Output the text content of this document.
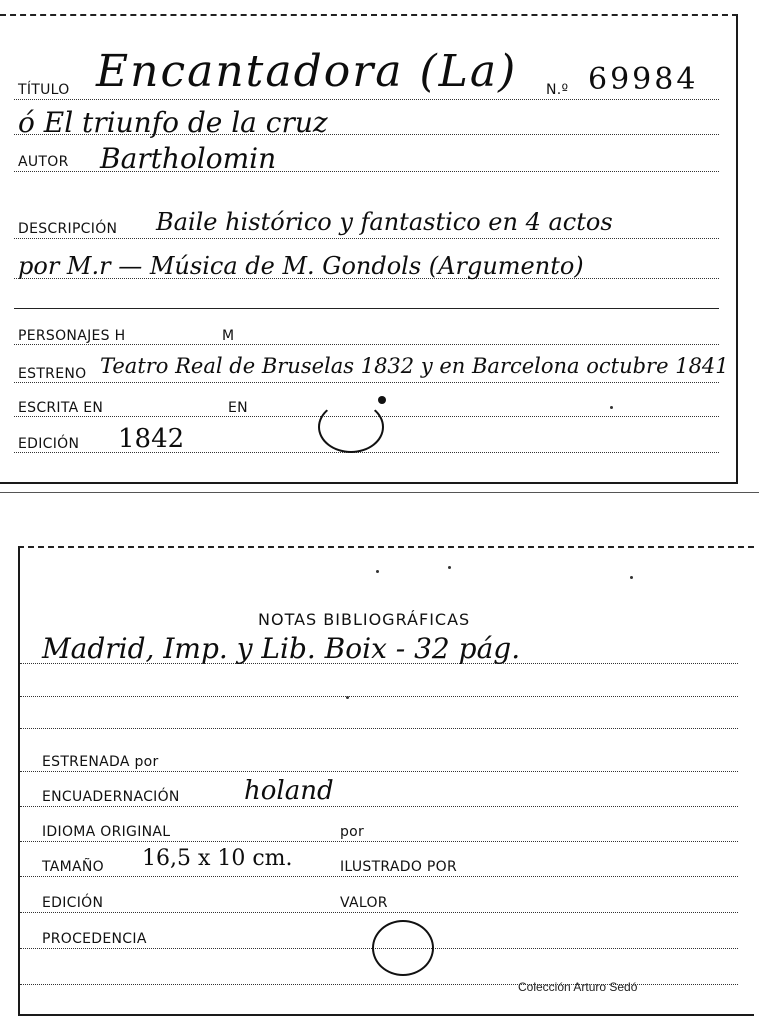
TÍTULO Encantadora (La) N.º 69984
ó El triunfo de la cruz
AUTOR Bartholomin
DESCRIPCIÓN Baile histórico y fantastico en 4 actos
por M.r — Música de M. Gondols (Argumento)
PERSONAJES H	M
ESTRENO Teatro Real de Bruselas 1832 y en Barcelona octubre 1841
ESCRITA EN	EN
EDICIÓN 1842
NOTAS BIBLIOGRÁFICAS
Madrid, Imp. y Lib. Boix - 32 pág.
ESTRENADA por
ENCUADERNACIÓN holand
IDIOMA ORIGINAL	por
TAMAÑO 16,5 x 10 cm.	ILUSTRADO POR
EDICIÓN	VALOR
PROCEDENCIA
Colección Arturo Sedó
